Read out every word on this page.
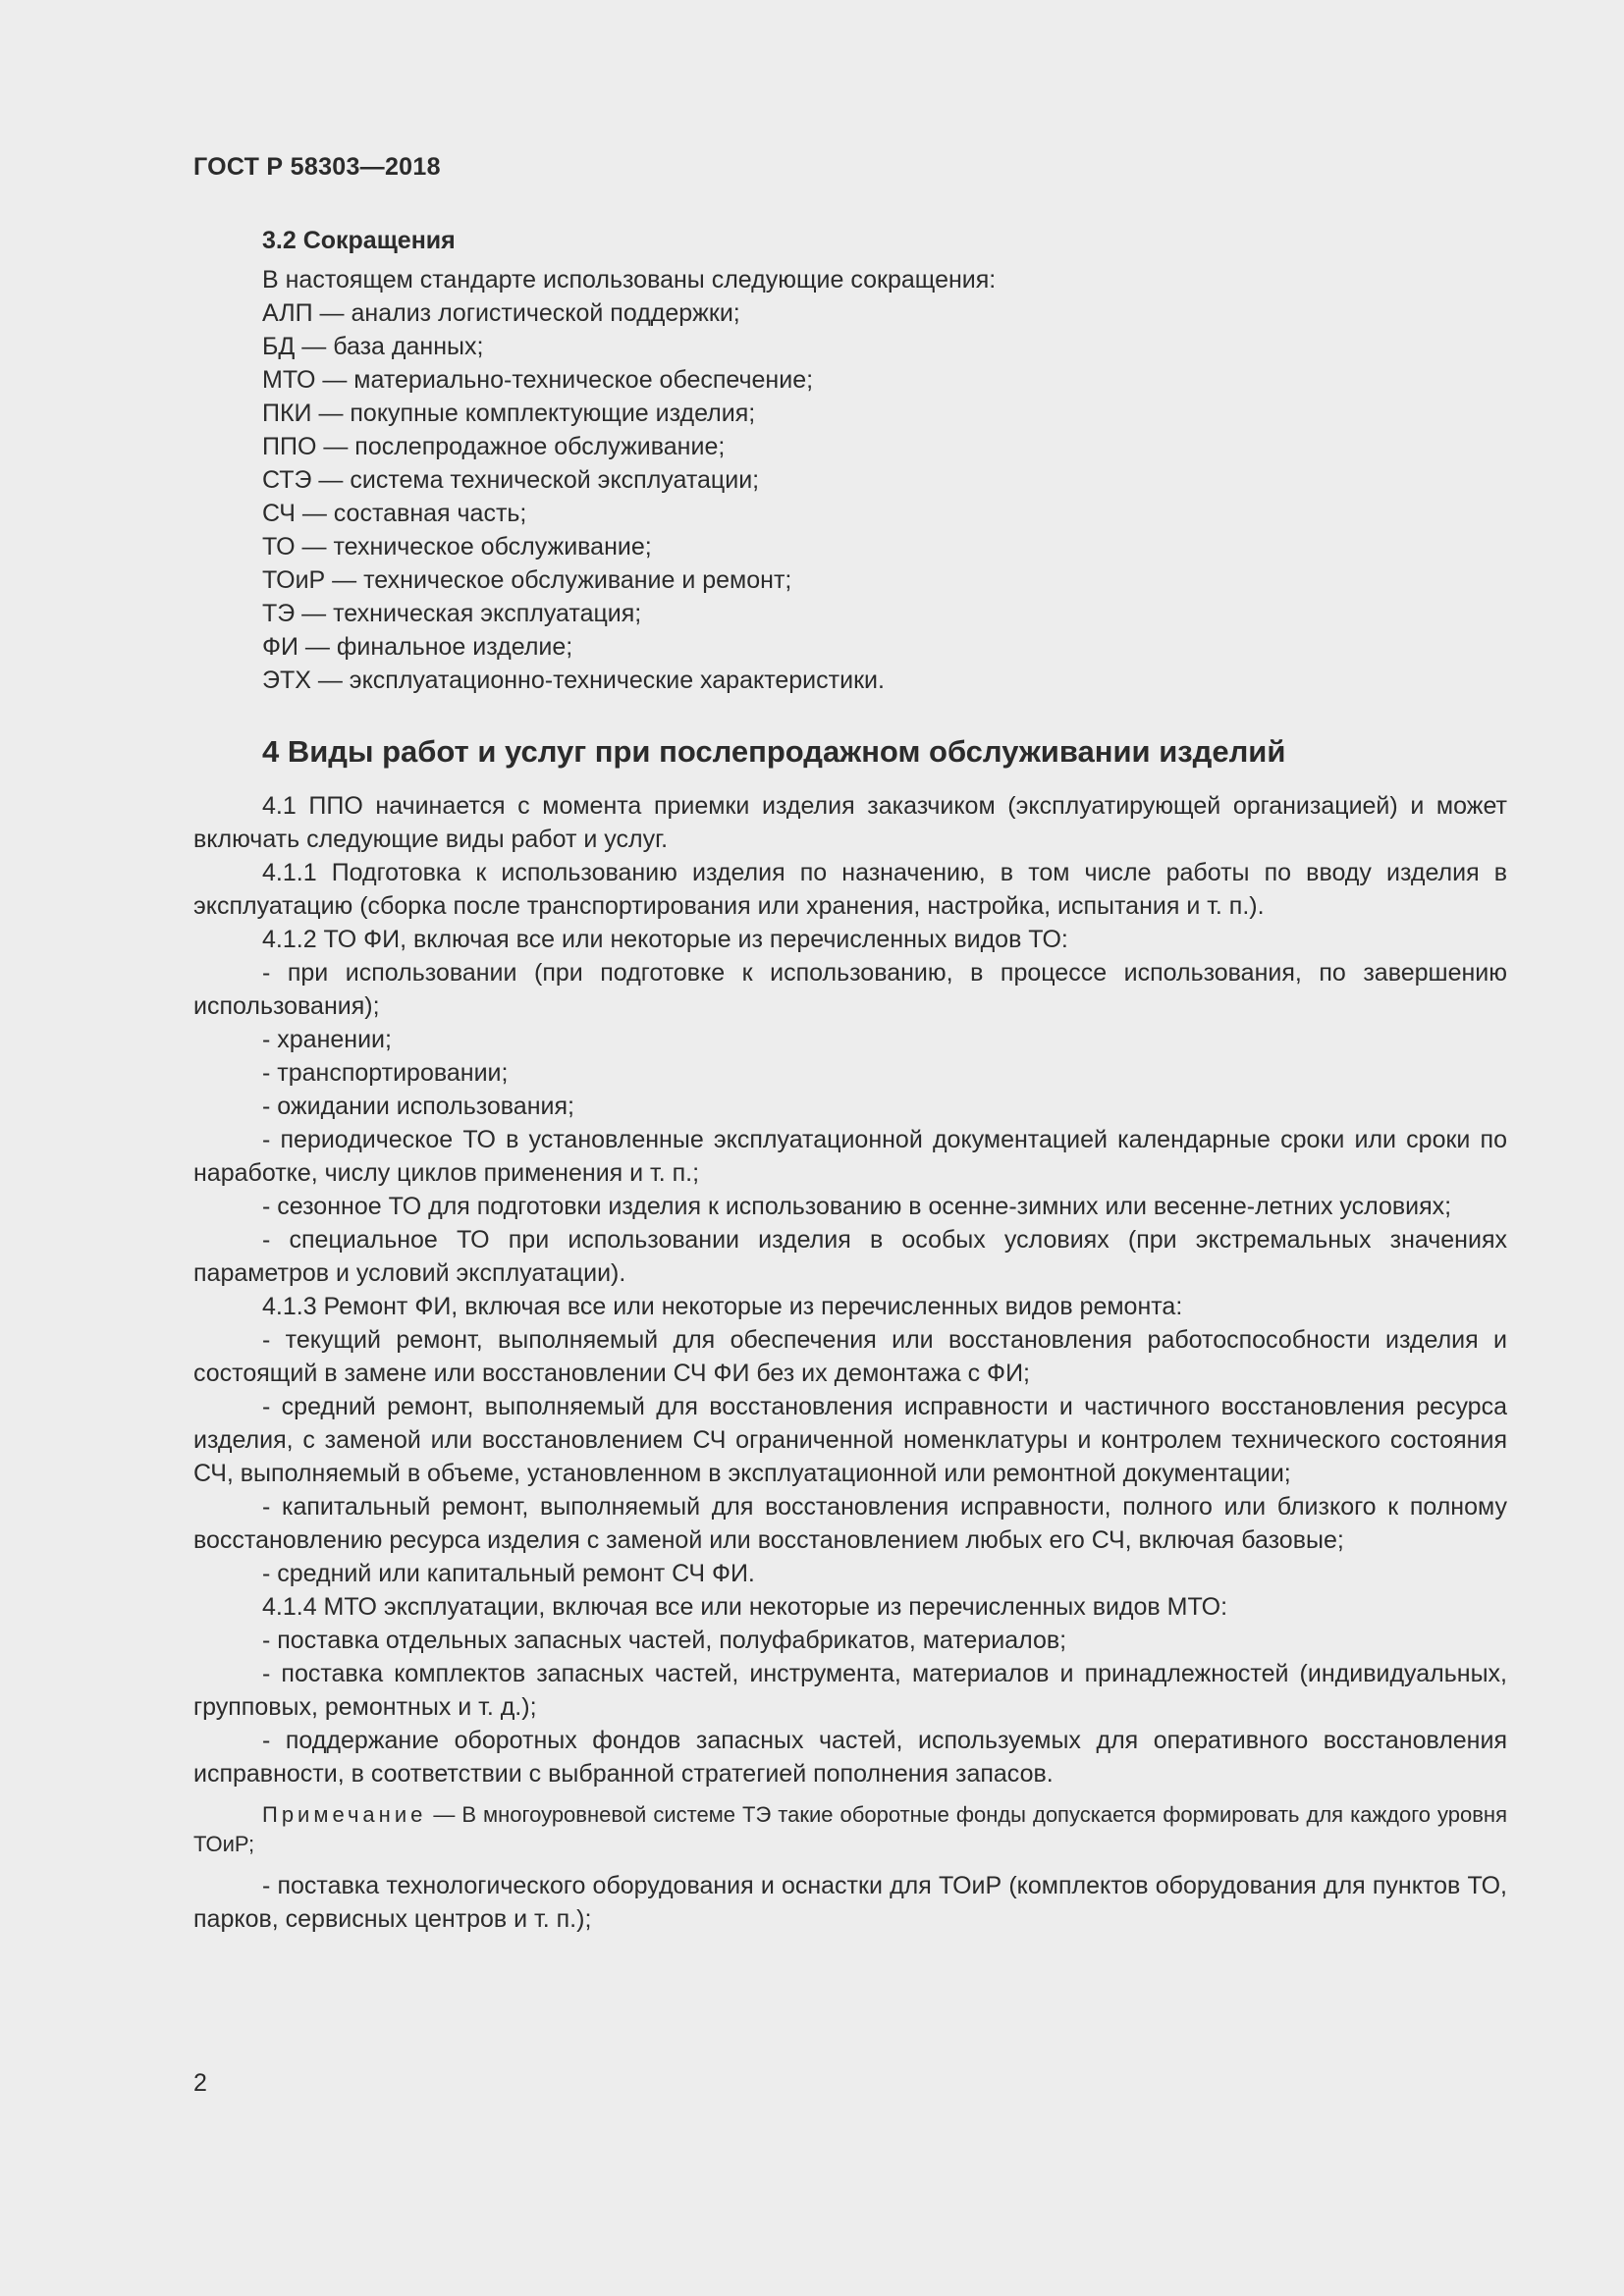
ГОСТ Р 58303—2018
3.2 Сокращения
В настоящем стандарте использованы следующие сокращения:
АЛП — анализ логистической поддержки;
БД — база данных;
МТО — материально-техническое обеспечение;
ПКИ — покупные комплектующие изделия;
ППО — послепродажное обслуживание;
СТЭ — система технической эксплуатации;
СЧ — составная часть;
ТО — техническое обслуживание;
ТОиР — техническое обслуживание и ремонт;
ТЭ — техническая эксплуатация;
ФИ — финальное изделие;
ЭТХ — эксплуатационно-технические характеристики.
4 Виды работ и услуг при послепродажном обслуживании изделий
4.1 ППО начинается с момента приемки изделия заказчиком (эксплуатирующей организацией) и может включать следующие виды работ и услуг.
4.1.1 Подготовка к использованию изделия по назначению, в том числе работы по вводу изделия в эксплуатацию (сборка после транспортирования или хранения, настройка, испытания и т. п.).
4.1.2 ТО ФИ, включая все или некоторые из перечисленных видов ТО:
- при использовании (при подготовке к использованию, в процессе использования, по завершению использования);
- хранении;
- транспортировании;
- ожидании использования;
- периодическое ТО в установленные эксплуатационной документацией календарные сроки или сроки по наработке, числу циклов применения и т. п.;
- сезонное ТО для подготовки изделия к использованию в осенне-зимних или весенне-летних условиях;
- специальное ТО при использовании изделия в особых условиях (при экстремальных значениях параметров и условий эксплуатации).
4.1.3 Ремонт ФИ, включая все или некоторые из перечисленных видов ремонта:
- текущий ремонт, выполняемый для обеспечения или восстановления работоспособности изделия и состоящий в замене или восстановлении СЧ ФИ без их демонтажа с ФИ;
- средний ремонт, выполняемый для восстановления исправности и частичного восстановления ресурса изделия, с заменой или восстановлением СЧ ограниченной номенклатуры и контролем технического состояния СЧ, выполняемый в объеме, установленном в эксплуатационной или ремонтной документации;
- капитальный ремонт, выполняемый для восстановления исправности, полного или близкого к полному восстановлению ресурса изделия с заменой или восстановлением любых его СЧ, включая базовые;
- средний или капитальный ремонт СЧ ФИ.
4.1.4 МТО эксплуатации, включая все или некоторые из перечисленных видов МТО:
- поставка отдельных запасных частей, полуфабрикатов, материалов;
- поставка комплектов запасных частей, инструмента, материалов и принадлежностей (индивидуальных, групповых, ремонтных и т. д.);
- поддержание оборотных фондов запасных частей, используемых для оперативного восстановления исправности, в соответствии с выбранной стратегией пополнения запасов.
Примечание — В многоуровневой системе ТЭ такие оборотные фонды допускается формировать для каждого уровня ТОиР;
- поставка технологического оборудования и оснастки для ТОиР (комплектов оборудования для пунктов ТО, парков, сервисных центров и т. п.);
2
